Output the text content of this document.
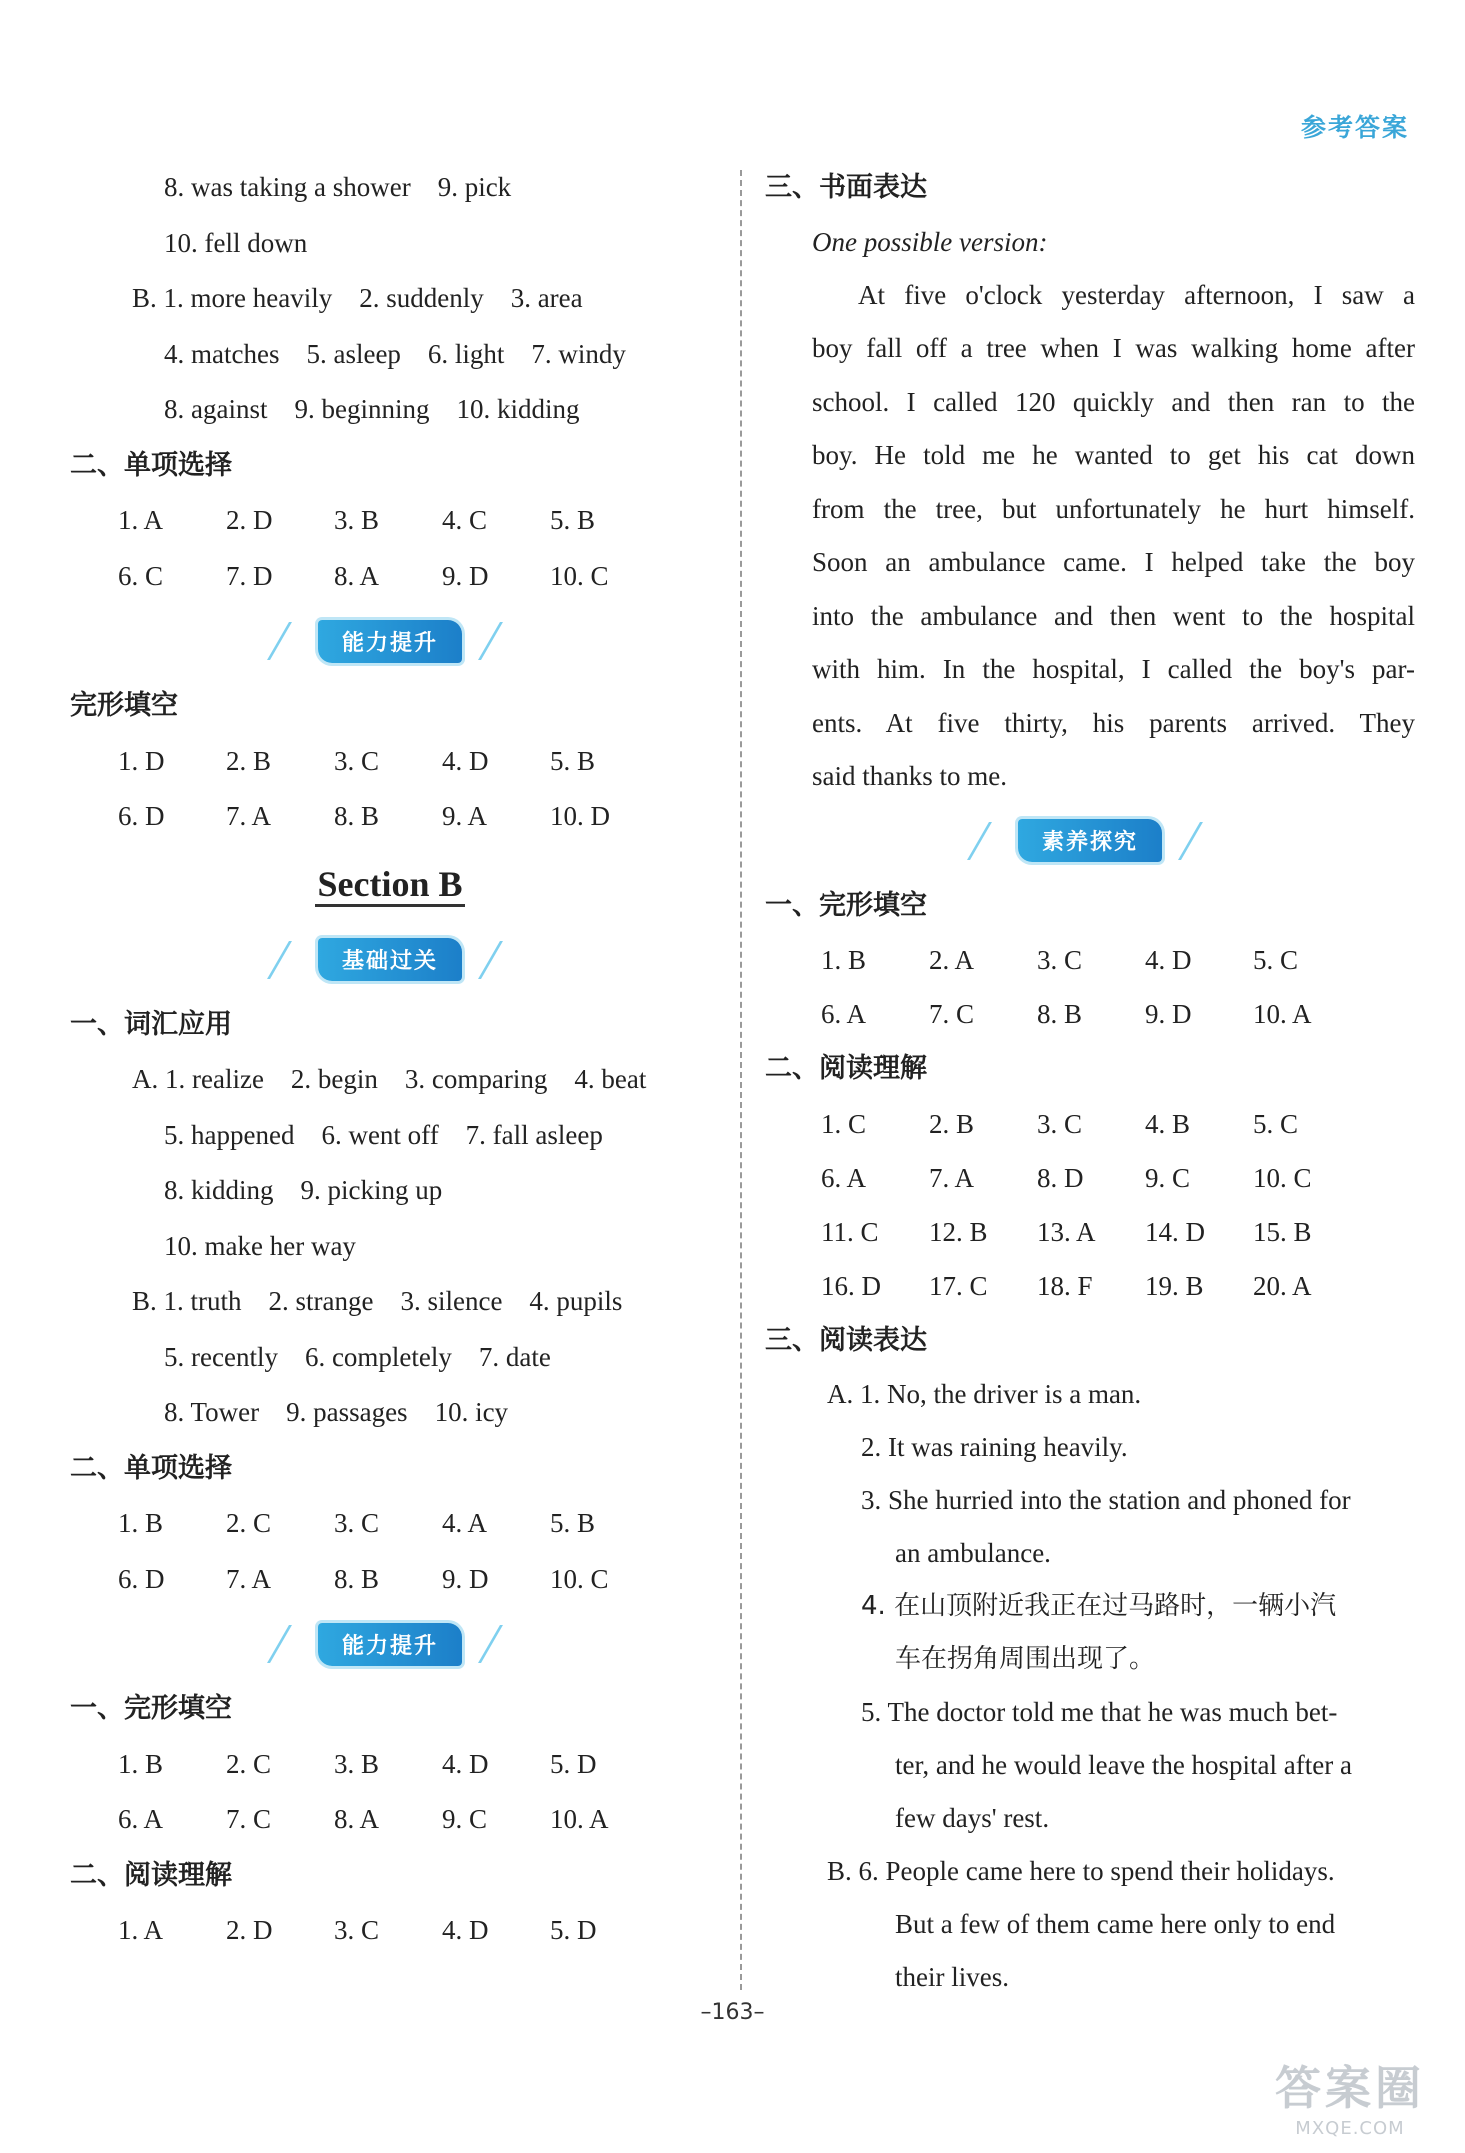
参考答案
8. was taking a shower　9. pick
10. fell down
B. 1. more heavily　2. suddenly　3. area
4. matches　5. asleep　6. light　7. windy
8. against　9. beginning　10. kidding
二、单项选择
1. A	2. D	3. B	4. C	5. B
6. C	7. D	8. A	9. D	10. C
能力提升
完形填空
1. D	2. B	3. C	4. D	5. B
6. D	7. A	8. B	9. A	10. D
Section B
基础过关
一、词汇应用
A. 1. realize　2. begin　3. comparing　4. beat
5. happened　6. went off　7. fall asleep
8. kidding　9. picking up
10. make her way
B. 1. truth　2. strange　3. silence　4. pupils
5. recently　6. completely　7. date
8. Tower　9. passages　10. icy
二、单项选择
1. B	2. C	3. C	4. A	5. B
6. D	7. A	8. B	9. D	10. C
能力提升
一、完形填空
1. B	2. C	3. B	4. D	5. D
6. A	7. C	8. A	9. C	10. A
二、阅读理解
1. A	2. D	3. C	4. D	5. D
三、书面表达
One possible version:
At five o'clock yesterday afternoon, I saw a
boy fall off a tree when I was walking home after
school. I called 120 quickly and then ran to the
boy. He told me he wanted to get his cat down
from the tree, but unfortunately he hurt himself.
Soon an ambulance came. I helped take the boy
into the ambulance and then went to the hospital
with him. In the hospital, I called the boy's par-
ents. At five thirty, his parents arrived. They
said thanks to me.
素养探究
一、完形填空
1. B	2. A	3. C	4. D	5. C
6. A	7. C	8. B	9. D	10. A
二、阅读理解
1. C	2. B	3. C	4. B	5. C
6. A	7. A	8. D	9. C	10. C
11. C	12. B	13. A	14. D	15. B
16. D	17. C	18. F	19. B	20. A
三、阅读表达
A. 1. No, the driver is a man.
2. It was raining heavily.
3. She hurried into the station and phoned for
an ambulance.
4. 在山顶附近我正在过马路时，一辆小汽
车在拐角周围出现了。
5. The doctor told me that he was much bet-
ter, and he would leave the hospital after a
few days' rest.
B. 6. People came here to spend their holidays.
But a few of them came here only to end
their lives.
–163–
答案圈
MXQE.COM
